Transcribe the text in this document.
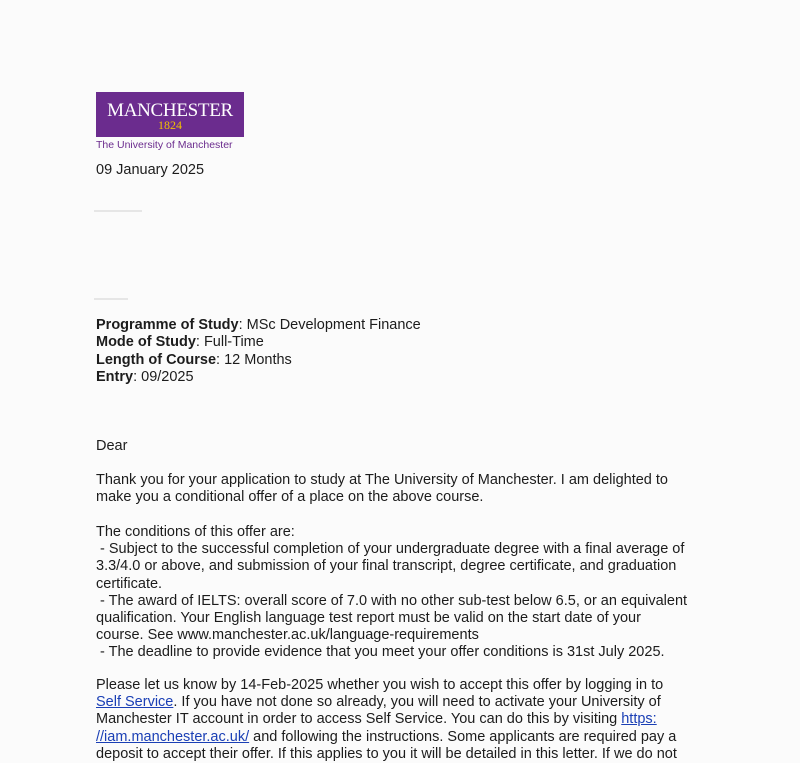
MANCHESTER
1824
The University of Manchester
09 January 2025
Programme of Study: MSc Development Finance
Mode of Study: Full-Time
Length of Course: 12 Months
Entry: 09/2025
Dear
Thank you for your application to study at The University of Manchester. I am delighted to
make you a conditional offer of a place on the above course.
The conditions of this offer are:
- Subject to the successful completion of your undergraduate degree with a final average of
3.3/4.0 or above, and submission of your final transcript, degree certificate, and graduation
certificate.
- The award of IELTS: overall score of 7.0 with no other sub-test below 6.5, or an equivalent
qualification. Your English language test report must be valid on the start date of your
course. See www.manchester.ac.uk/language-requirements
- The deadline to provide evidence that you meet your offer conditions is 31st July 2025.
Please let us know by 14-Feb-2025 whether you wish to accept this offer by logging in to
Self Service. If you have not done so already, you will need to activate your University of
Manchester IT account in order to access Self Service. You can do this by visiting https:
//iam.manchester.ac.uk/ and following the instructions. Some applicants are required pay a
deposit to accept their offer. If this applies to you it will be detailed in this letter. If we do not
